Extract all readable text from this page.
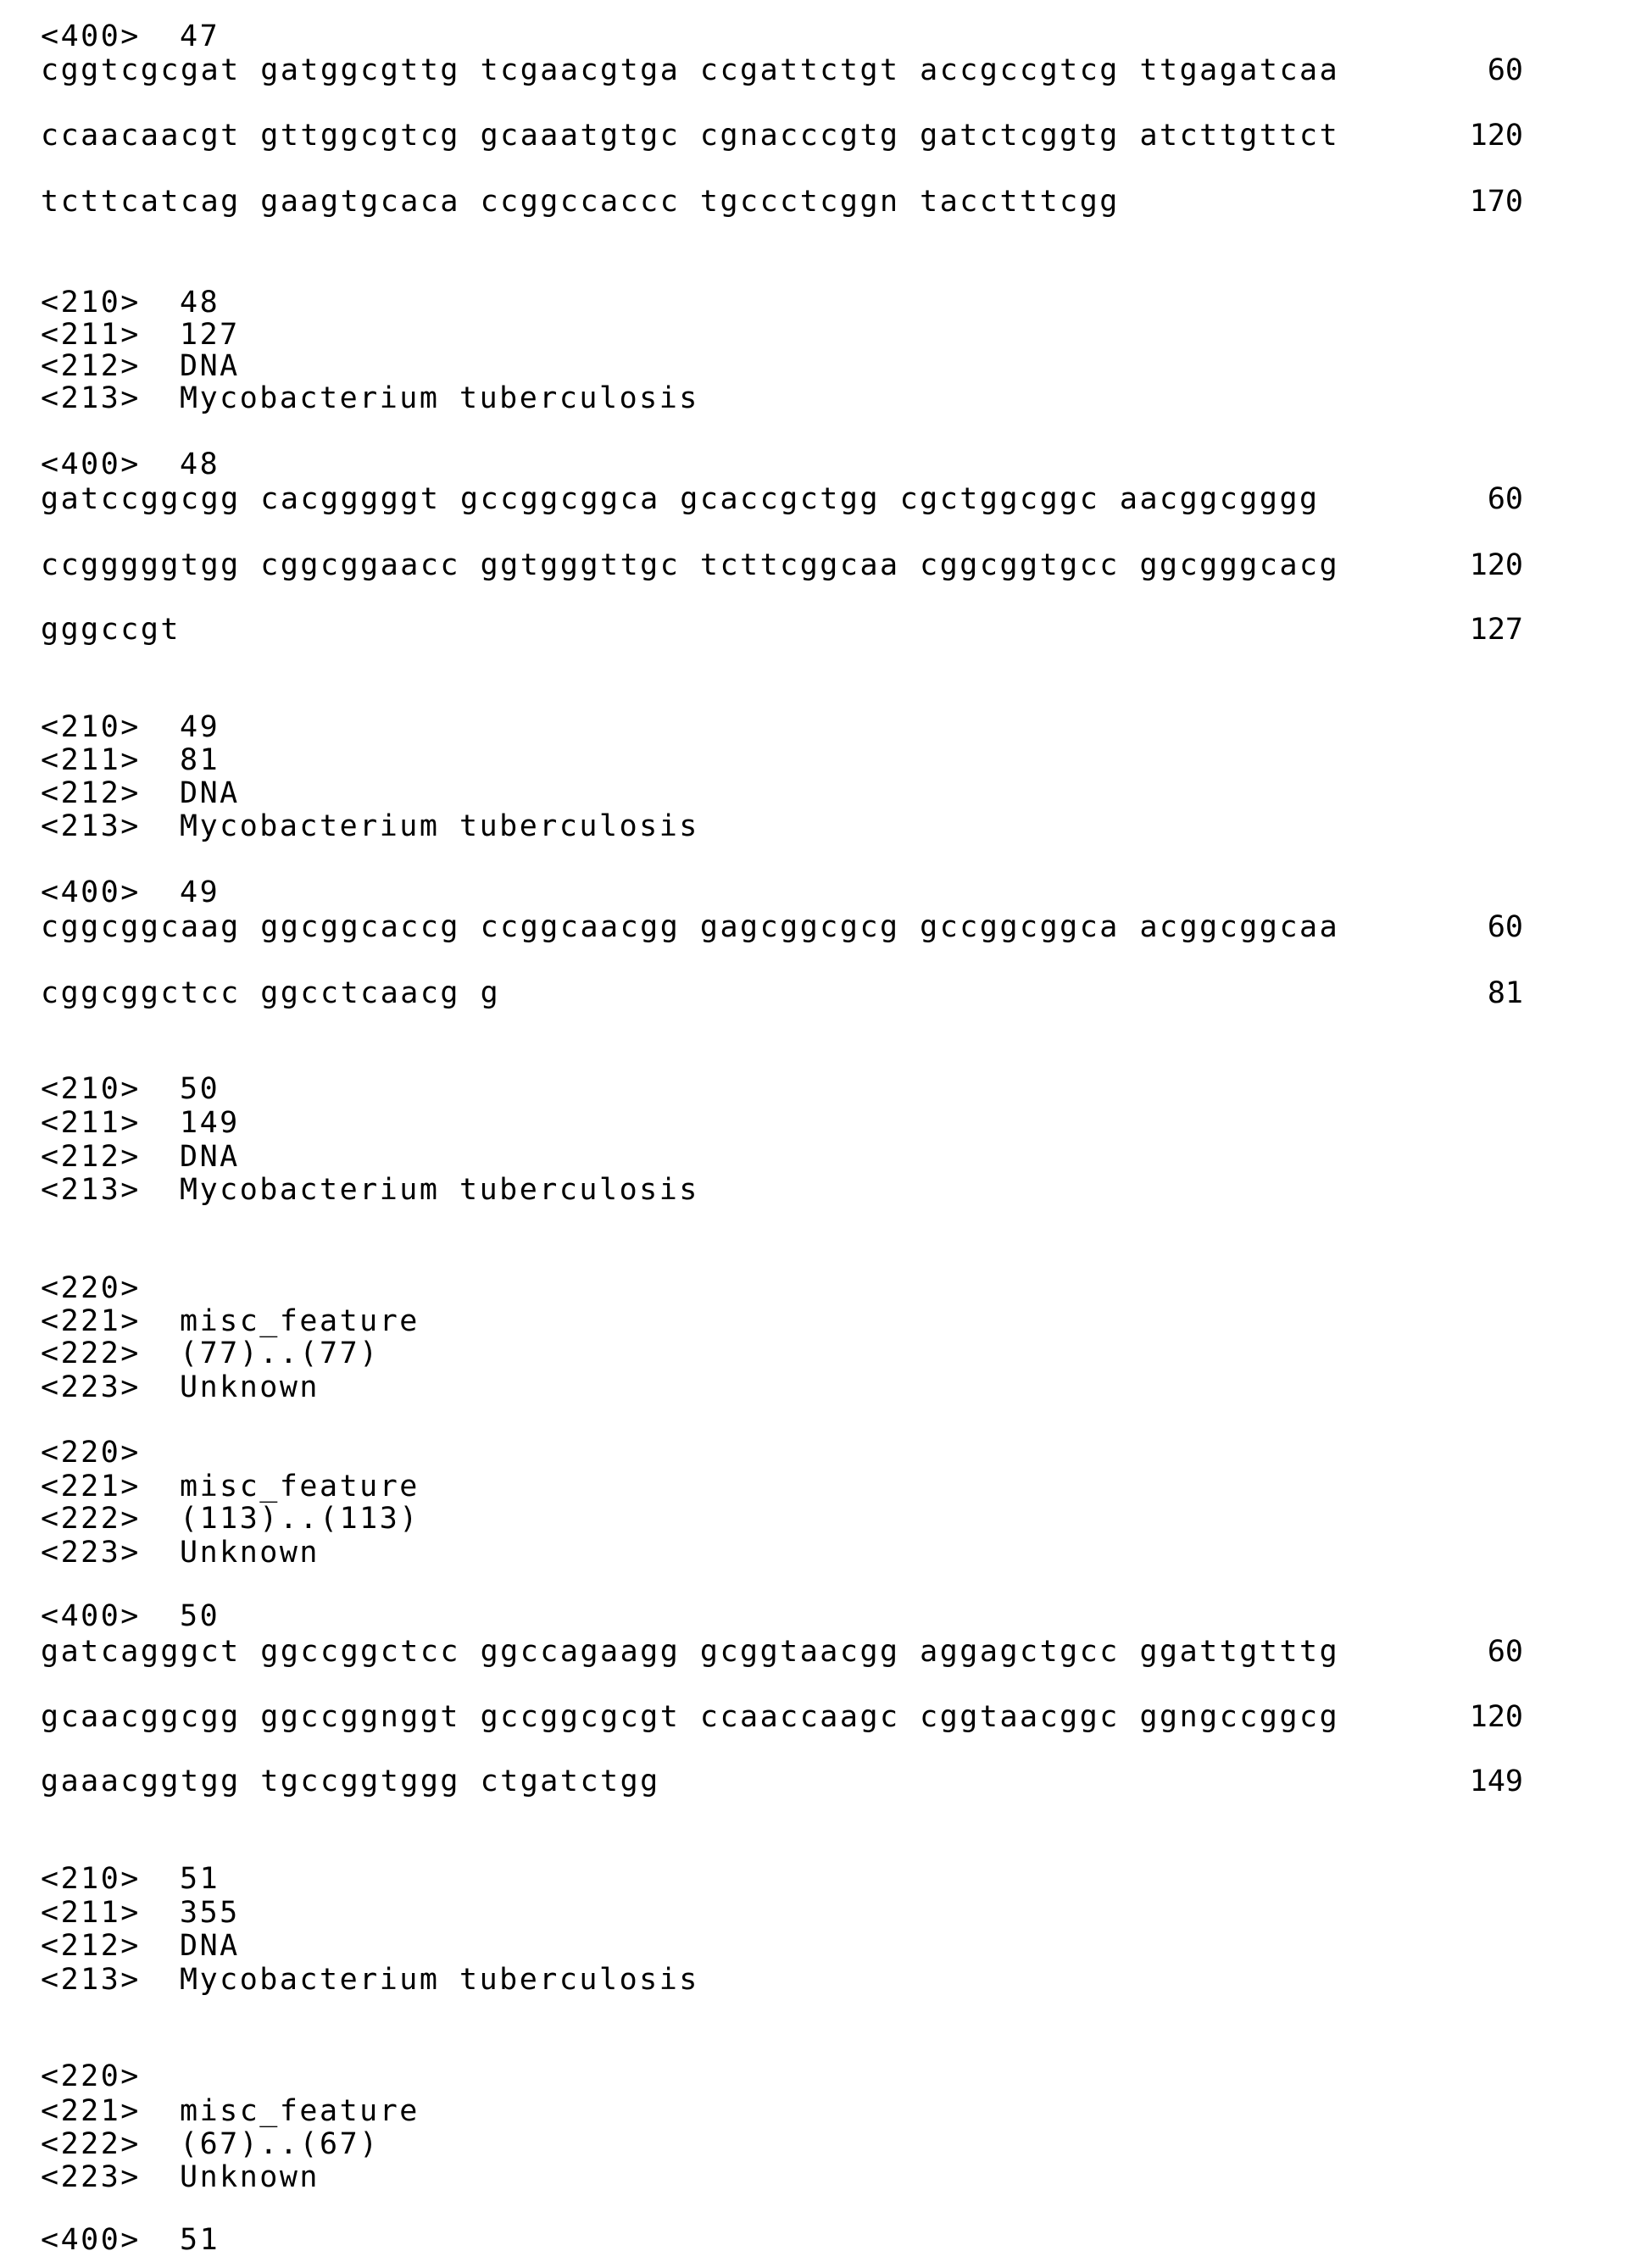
<400> 47
cggtcgcgat gatggcgttg tcgaacgtga ccgattctgt accgccgtcg ttgagatcaa	60
ccaacaacgt gttggcgtcg gcaaatgtgc cgnacccgtg gatctcggtg atcttgttct	120
tcttcatcag gaagtgcaca ccggccaccc tgccctcggn tacctttcgg	170
<210> 48
<211> 127
<212> DNA
<213> Mycobacterium tuberculosis
<400> 48
gatccggcgg cacgggggt gccggcggca gcaccgctgg cgctggcggc aacggcgggg	60
ccgggggtgg cggcggaacc ggtgggttgc tcttcggcaa cggcggtgcc ggcgggcacg	120
gggccgt	127
<210> 49
<211> 81
<212> DNA
<213> Mycobacterium tuberculosis
<400> 49
cggcggcaag ggcggcaccg ccggcaacgg gagcggcgcg gccggcggca acggcggcaa	60
cggcggctcc ggcctcaacg g	81
<210> 50
<211> 149
<212> DNA
<213> Mycobacterium tuberculosis
<220>
<221> misc_feature
<222> (77)..(77)
<223> Unknown
<220>
<221> misc_feature
<222> (113)..(113)
<223> Unknown
<400> 50
gatcagggct ggccggctcc ggccagaagg gcggtaacgg aggagctgcc ggattgtttg	60
gcaacggcgg ggccggnggt gccggcgcgt ccaaccaagc cggtaacggc ggngccggcg	120
gaaacggtgg tgccggtggg ctgatctgg	149
<210> 51
<211> 355
<212> DNA
<213> Mycobacterium tuberculosis
<220>
<221> misc_feature
<222> (67)..(67)
<223> Unknown
<400> 51
